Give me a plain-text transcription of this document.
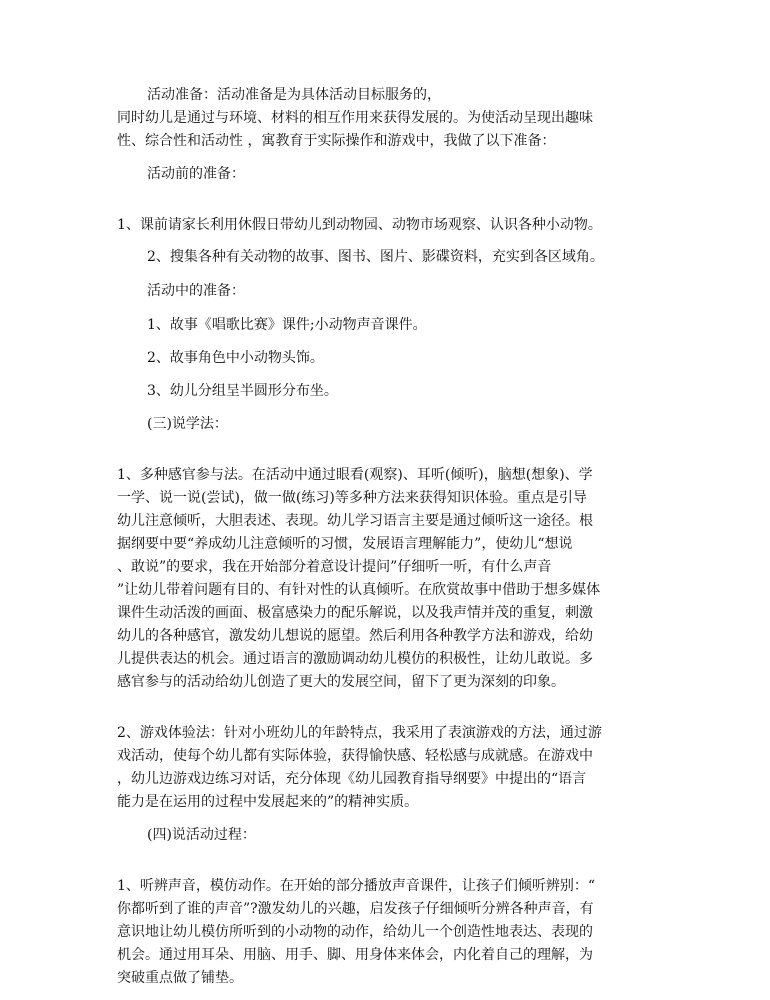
活动准备：活动准备是为具体活动目标服务的，

同时幼儿是通过与环境、材料的相互作用来获得发展的。为使活动呈现出趣味

性、综合性和活动性 ，寓教育于实际操作和游戏中，我做了以下准备：

活动前的准备：

1、课前请家长利用休假日带幼儿到动物园、动物市场观察、认识各种小动物。

2、搜集各种有关动物的故事、图书、图片、影碟资料，充实到各区域角。

活动中的准备：

1、故事《唱歌比赛》课件;小动物声音课件。

2、故事角色中小动物头饰。

3、幼儿分组呈半圆形分布坐。

(三)说学法：

1、多种感官参与法。在活动中通过眼看(观察)、耳听(倾听)，脑想(想象)、学

一学、说一说(尝试)，做一做(练习)等多种方法来获得知识体验。重点是引导

幼儿注意倾听，大胆表述、表现。幼儿学习语言主要是通过倾听这一途径。根

据纲要中要“养成幼儿注意倾听的习惯，发展语言理解能力”，使幼儿“想说

、敢说”的要求，我在开始部分着意设计提问”仔细听一听，有什么声音

”让幼儿带着问题有目的、有针对性的认真倾听。在欣赏故事中借助于想多媒体

课件生动活泼的画面、极富感染力的配乐解说，以及我声情并茂的重复，刺激

幼儿的各种感官，激发幼儿想说的愿望。然后利用各种教学方法和游戏，给幼

儿提供表达的机会。通过语言的激励调动幼儿模仿的积极性，让幼儿敢说。多

感官参与的活动给幼儿创造了更大的发展空间，留下了更为深刻的印象。

2、游戏体验法：针对小班幼儿的年龄特点，我采用了表演游戏的方法，通过游

戏活动，使每个幼儿都有实际体验，获得愉快感、轻松感与成就感。在游戏中

，幼儿边游戏边练习对话，充分体现《幼儿园教育指导纲要》中提出的“语言

能力是在运用的过程中发展起来的”的精神实质。

(四)说活动过程：

1、听辨声音，模仿动作。在开始的部分播放声音课件，让孩子们倾听辨别：“

你都听到了谁的声音”?激发幼儿的兴趣，启发孩子仔细倾听分辨各种声音，有

意识地让幼儿模仿所听到的小动物的动作，给幼儿一个创造性地表达、表现的

机会。通过用耳朵、用脑、用手、脚、用身体来体会，内化着自己的理解，为

突破重点做了铺垫。
